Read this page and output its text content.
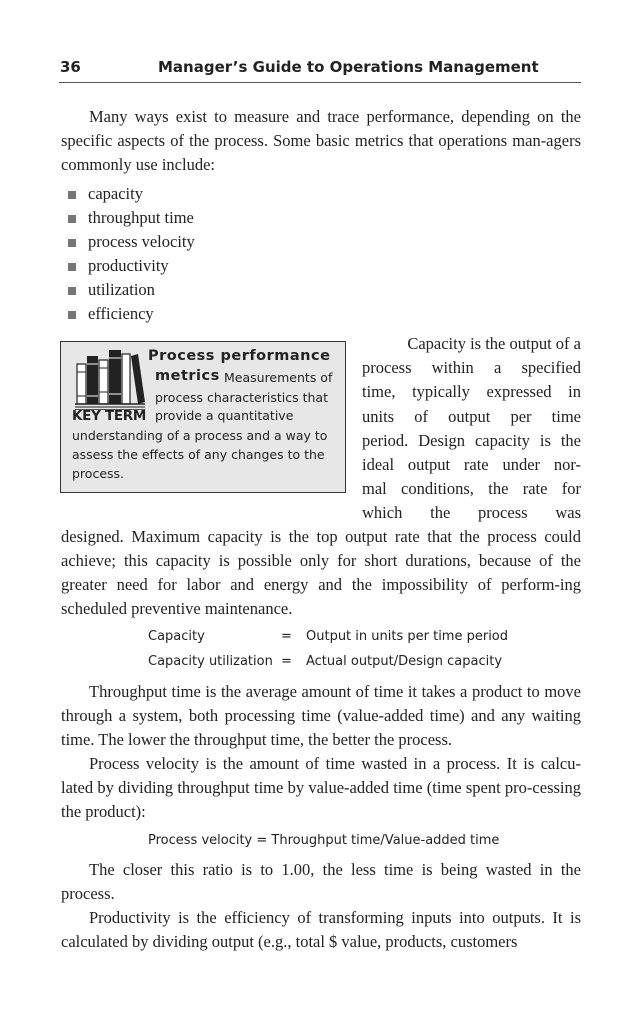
36	Manager’s Guide to Operations Management

Many ways exist to measure and trace performance, depending on the specific aspects of the process. Some basic metrics that operations man-agers commonly use include:

capacity
throughput time
process velocity
productivity
utilization
efficiency
Process performance
metrics Measurements of
process characteristics that
KEY TERM provide a quantitative
understanding of a process and a way to
assess the effects of any changes to the
process.
Capacity is the output of a
process within a specified
time, typically expressed in
units of output per time
period. Design capacity is the
ideal output rate under nor-
mal conditions, the rate for
which the process was

designed. Maximum capacity is the top output rate that the process could achieve; this capacity is possible only for short durations, because of the greater need for labor and energy and the impossibility of perform-ing scheduled preventive maintenance.

Capacity	= Output in units per time period
Capacity utilization = Actual output/Design capacity

Throughput time is the average amount of time it takes a product to move through a system, both processing time (value-added time) and any waiting time. The lower the throughput time, the better the process.

Process velocity is the amount of time wasted in a process. It is calcu-lated by dividing throughput time by value-added time (time spent pro-cessing the product):

Process velocity = Throughput time/Value-added time

The closer this ratio is to 1.00, the less time is being wasted in the process.

Productivity is the efficiency of transforming inputs into outputs. It is calculated by dividing output (e.g., total $ value, products, customers
